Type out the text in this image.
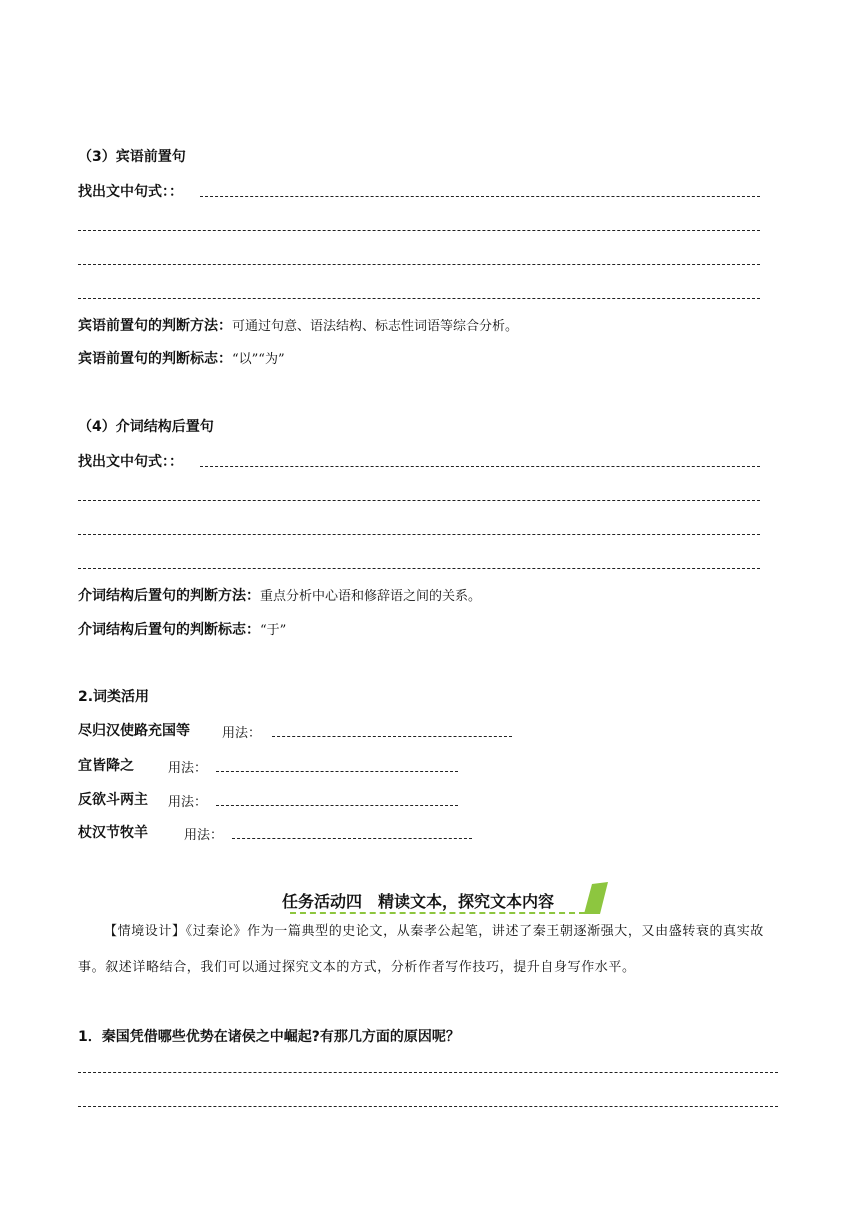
（3）宾语前置句
找出文中句式：：
宾语前置句的判断方法：可通过句意、语法结构、标志性词语等综合分析。
宾语前置句的判断标志：“以”“为”
（4）介词结构后置句
找出文中句式：：
介词结构后置句的判断方法：重点分析中心语和修辞语之间的关系。
介词结构后置句的判断标志：“于”
2.词类活用
尽归汉使路充国等 用法：
宜皆降之	用法：
反欲斗两主 用法：
杖汉节牧羊	用法：
任务活动四　精读文本，探究文本内容
【情境设计】《过秦论》作为一篇典型的史论文，从秦孝公起笔，讲述了秦王朝逐渐强大，又由盛转衰的真实故事。叙述详略结合，我们可以通过探究文本的方式，分析作者写作技巧，提升自身写作水平。
1．秦国凭借哪些优势在诸侯之中崛起?有那几方面的原因呢？
